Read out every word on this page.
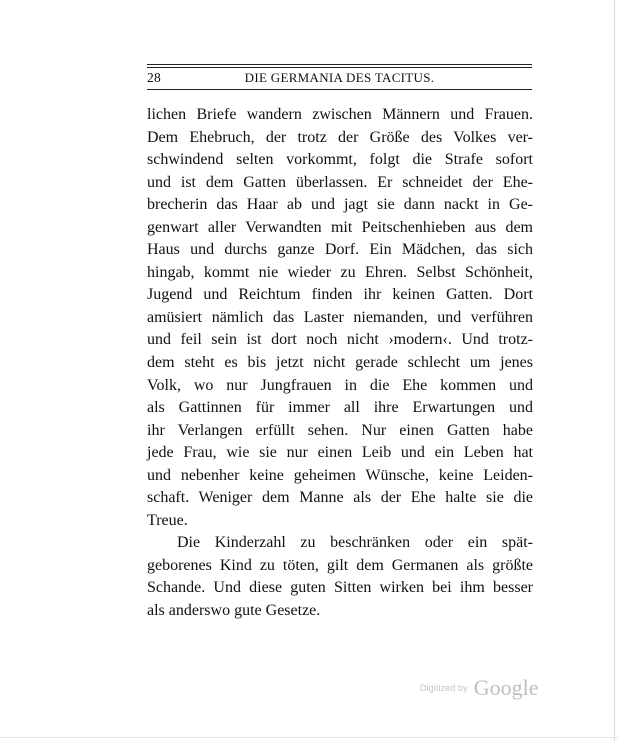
28	DIE GERMANIA DES TACITUS.
lichen Briefe wandern zwischen Männern und Frauen.
Dem Ehebruch, der trotz der Größe des Volkes ver-
schwindend selten vorkommt, folgt die Strafe sofort
und ist dem Gatten überlassen. Er schneidet der Ehe-
brecherin das Haar ab und jagt sie dann nackt in Ge-
genwart aller Verwandten mit Peitschenhieben aus dem
Haus und durchs ganze Dorf. Ein Mädchen, das sich
hingab, kommt nie wieder zu Ehren. Selbst Schönheit,
Jugend und Reichtum finden ihr keinen Gatten. Dort
amüsiert nämlich das Laster niemanden, und verführen
und feil sein ist dort noch nicht ›modern‹. Und trotz-
dem steht es bis jetzt nicht gerade schlecht um jenes
Volk, wo nur Jungfrauen in die Ehe kommen und
als Gattinnen für immer all ihre Erwartungen und
ihr Verlangen erfüllt sehen. Nur einen Gatten habe
jede Frau, wie sie nur einen Leib und ein Leben hat
und nebenher keine geheimen Wünsche, keine Leiden-
schaft. Weniger dem Manne als der Ehe halte sie die
Treue.
Die Kinderzahl zu beschränken oder ein spät-
geborenes Kind zu töten, gilt dem Germanen als größte
Schande. Und diese guten Sitten wirken bei ihm besser
als anderswo gute Gesetze.
Digitized by Google
